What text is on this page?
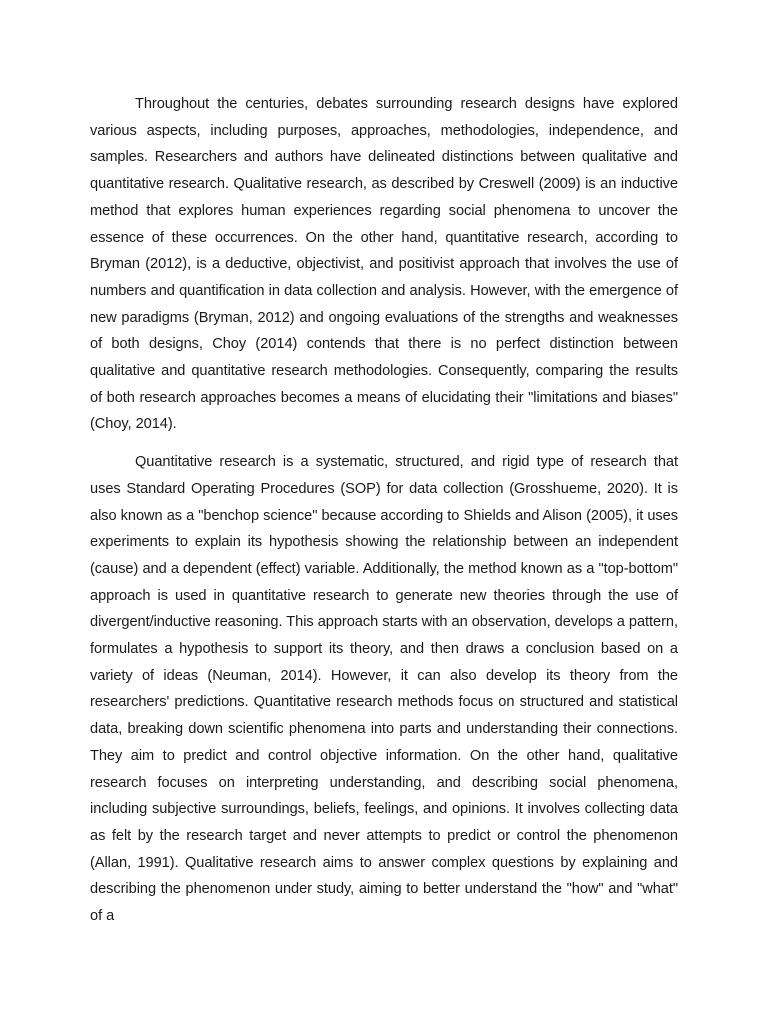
Throughout the centuries, debates surrounding research designs have explored various aspects, including purposes, approaches, methodologies, independence, and samples. Researchers and authors have delineated distinctions between qualitative and quantitative research. Qualitative research, as described by Creswell (2009) is an inductive method that explores human experiences regarding social phenomena to uncover the essence of these occurrences. On the other hand, quantitative research, according to Bryman (2012), is a deductive, objectivist, and positivist approach that involves the use of numbers and quantification in data collection and analysis. However, with the emergence of new paradigms (Bryman, 2012) and ongoing evaluations of the strengths and weaknesses of both designs, Choy (2014) contends that there is no perfect distinction between qualitative and quantitative research methodologies. Consequently, comparing the results of both research approaches becomes a means of elucidating their "limitations and biases" (Choy, 2014).

Quantitative research is a systematic, structured, and rigid type of research that uses Standard Operating Procedures (SOP) for data collection (Grosshueme, 2020). It is also known as a "benchop science" because according to Shields and Alison (2005), it uses experiments to explain its hypothesis showing the relationship between an independent (cause) and a dependent (effect) variable. Additionally, the method known as a "top-bottom" approach is used in quantitative research to generate new theories through the use of divergent/inductive reasoning. This approach starts with an observation, develops a pattern, formulates a hypothesis to support its theory, and then draws a conclusion based on a variety of ideas (Neuman, 2014). However, it can also develop its theory from the researchers' predictions. Quantitative research methods focus on structured and statistical data, breaking down scientific phenomena into parts and understanding their connections. They aim to predict and control objective information. On the other hand, qualitative research focuses on interpreting understanding, and describing social phenomena, including subjective surroundings, beliefs, feelings, and opinions. It involves collecting data as felt by the research target and never attempts to predict or control the phenomenon (Allan, 1991). Qualitative research aims to answer complex questions by explaining and describing the phenomenon under study, aiming to better understand the "how" and "what" of a
